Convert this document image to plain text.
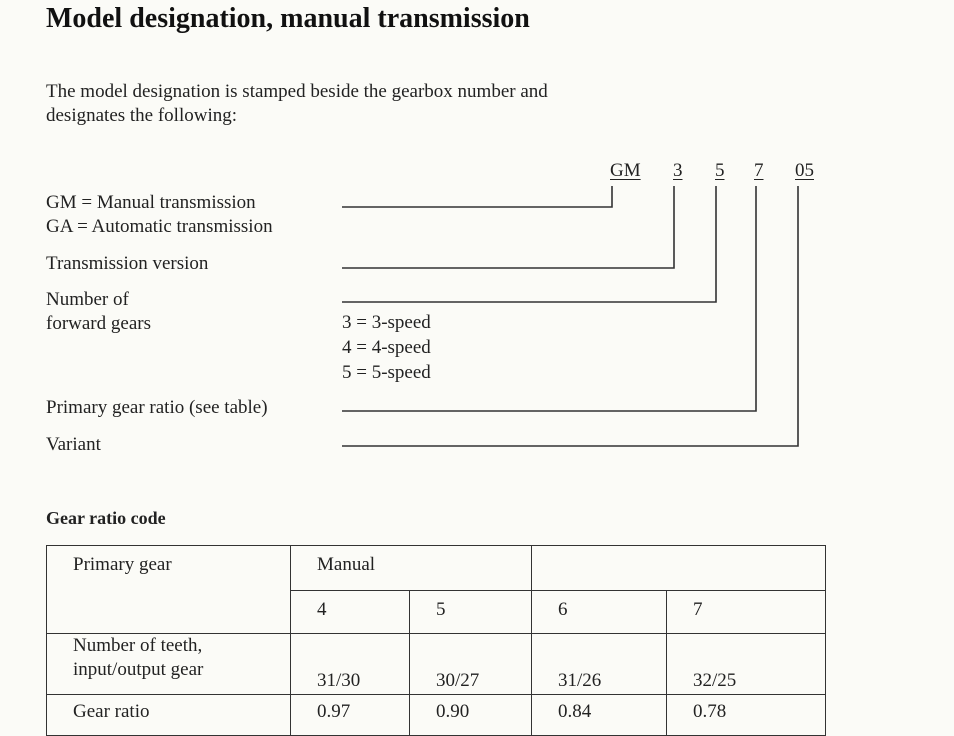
Model designation, manual transmission
The model designation is stamped beside the gearbox number and designates the following:
GM 3 5 7 05
GM = Manual transmission
GA = Automatic transmission
Transmission version
Number of
forward gears
Primary gear ratio (see table)
Variant
3 = 3-speed
4 = 4-speed
5 = 5-speed
Gear ratio code
Primary gear	Manual			
	4	5	6	7

Number of teeth,
input/output gear	31/30	30/27	31/26	32/25

Gear ratio	0.97	0.90	0.84	0.78
